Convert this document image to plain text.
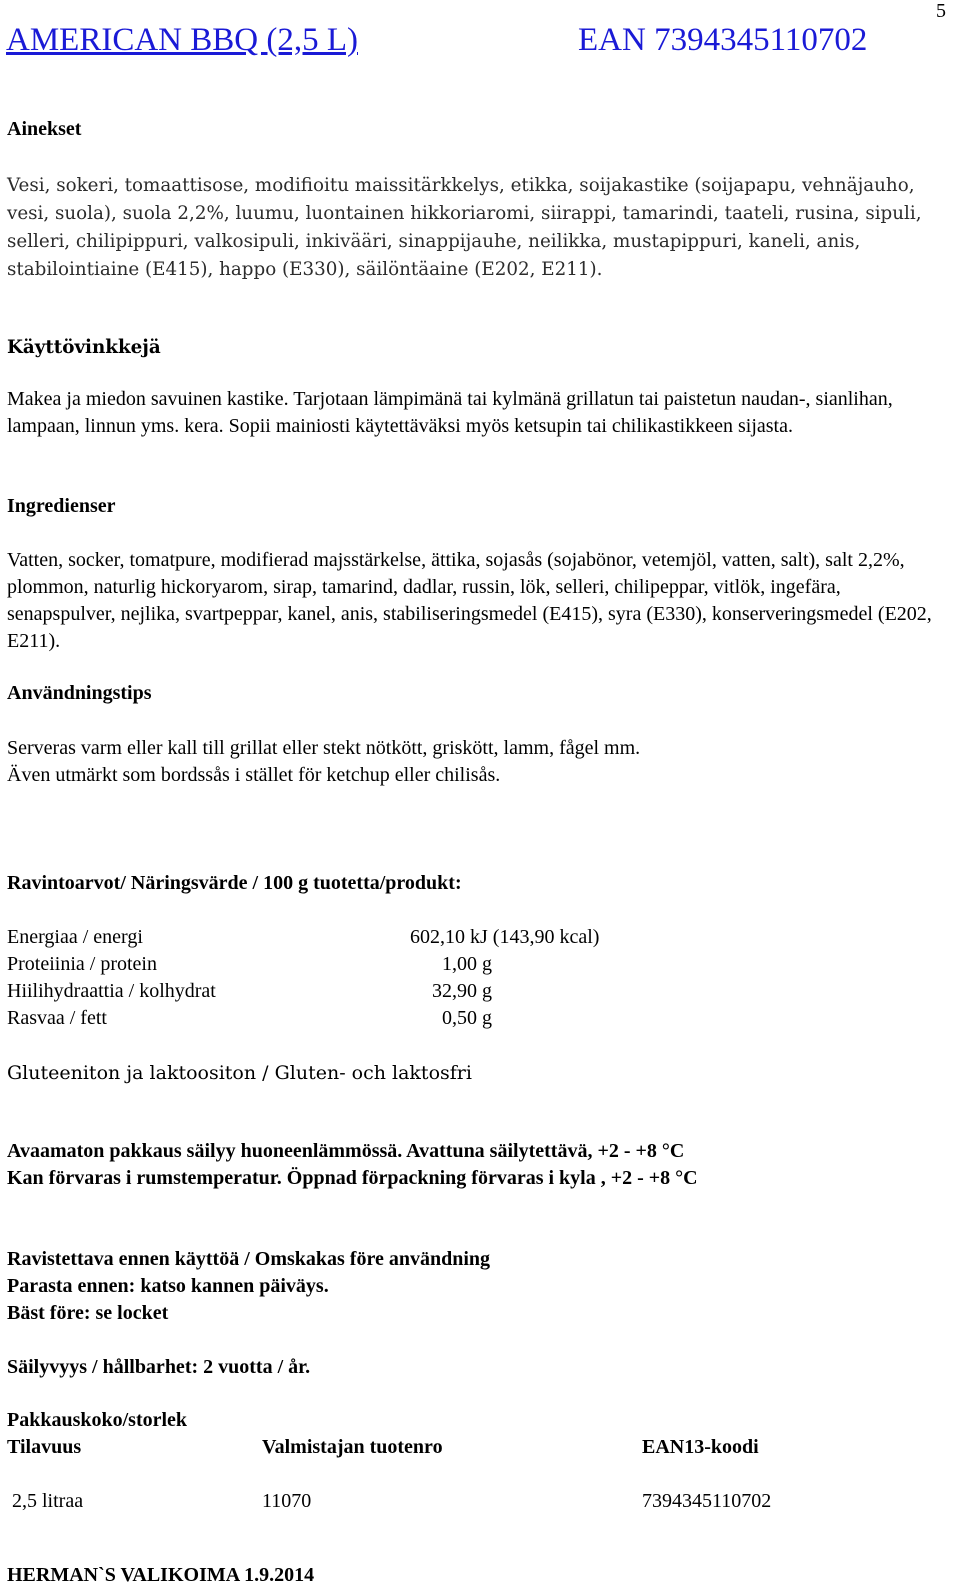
5
AMERICAN BBQ (2,5 L)	EAN 7394345110702
Ainekset
Vesi, sokeri, tomaattisose, modifioitu maissitärkkelys, etikka, soijakastike (soijapapu, vehnäjauho, vesi, suola), suola 2,2%, luumu, luontainen hikkoriaromi, siirappi, tamarindi, taateli, rusina, sipuli, selleri, chilipippuri, valkosipuli, inkivääri, sinappijauhe, neilikka, mustapippuri, kaneli, anis, stabilointiaine (E415), happo (E330), säilöntäaine (E202, E211).
Käyttövinkkejä
Makea ja miedon savuinen kastike. Tarjotaan lämpimänä tai kylmänä grillatun tai paistetun naudan-, sianlihan, lampaan, linnun yms. kera. Sopii mainiosti käytettäväksi myös ketsupin tai chilikastikkeen sijasta.
Ingredienser
Vatten, socker, tomatpure, modifierad majsstärkelse, ättika, sojasås (sojabönor, vetemjöl, vatten, salt), salt 2,2%, plommon, naturlig hickoryarom, sirap, tamarind, dadlar, russin, lök, selleri, chilipeppar, vitlök, ingefära, senapspulver, nejlika, svartpeppar, kanel, anis, stabiliseringsmedel (E415), syra (E330), konserveringsmedel (E202, E211).
Användningstips
Serveras varm eller kall till grillat eller stekt nötkött, griskött, lamm, fågel mm.
Även utmärkt som bordssås i stället för ketchup eller chilisås.
Ravintoarvot/ Näringsvärde / 100 g tuotetta/produkt:
Energiaa / energi	602,10 kJ (143,90 kcal)
Proteiinia / protein	1,00 g
Hiilihydraattia / kolhydrat	32,90 g
Rasvaa / fett	0,50 g
Gluteeniton ja laktoositon / Gluten- och laktosfri
Avaamaton pakkaus säilyy huoneenlämmössä. Avattuna säilytettävä, +2 - +8 °C
Kan förvaras i rumstemperatur. Öppnad förpackning förvaras i kyla , +2 - +8 °C
Ravistettava ennen käyttöä / Omskakas före användning
Parasta ennen: katso kannen päiväys.
Bäst före: se locket
Säilyvyys / hållbarhet: 2 vuotta / år.
Pakkauskoko/storlek
Tilavuus	Valmistajan tuotenro	EAN13-koodi
2,5 litraa	11070	7394345110702
HERMAN`S VALIKOIMA 1.9.2014
